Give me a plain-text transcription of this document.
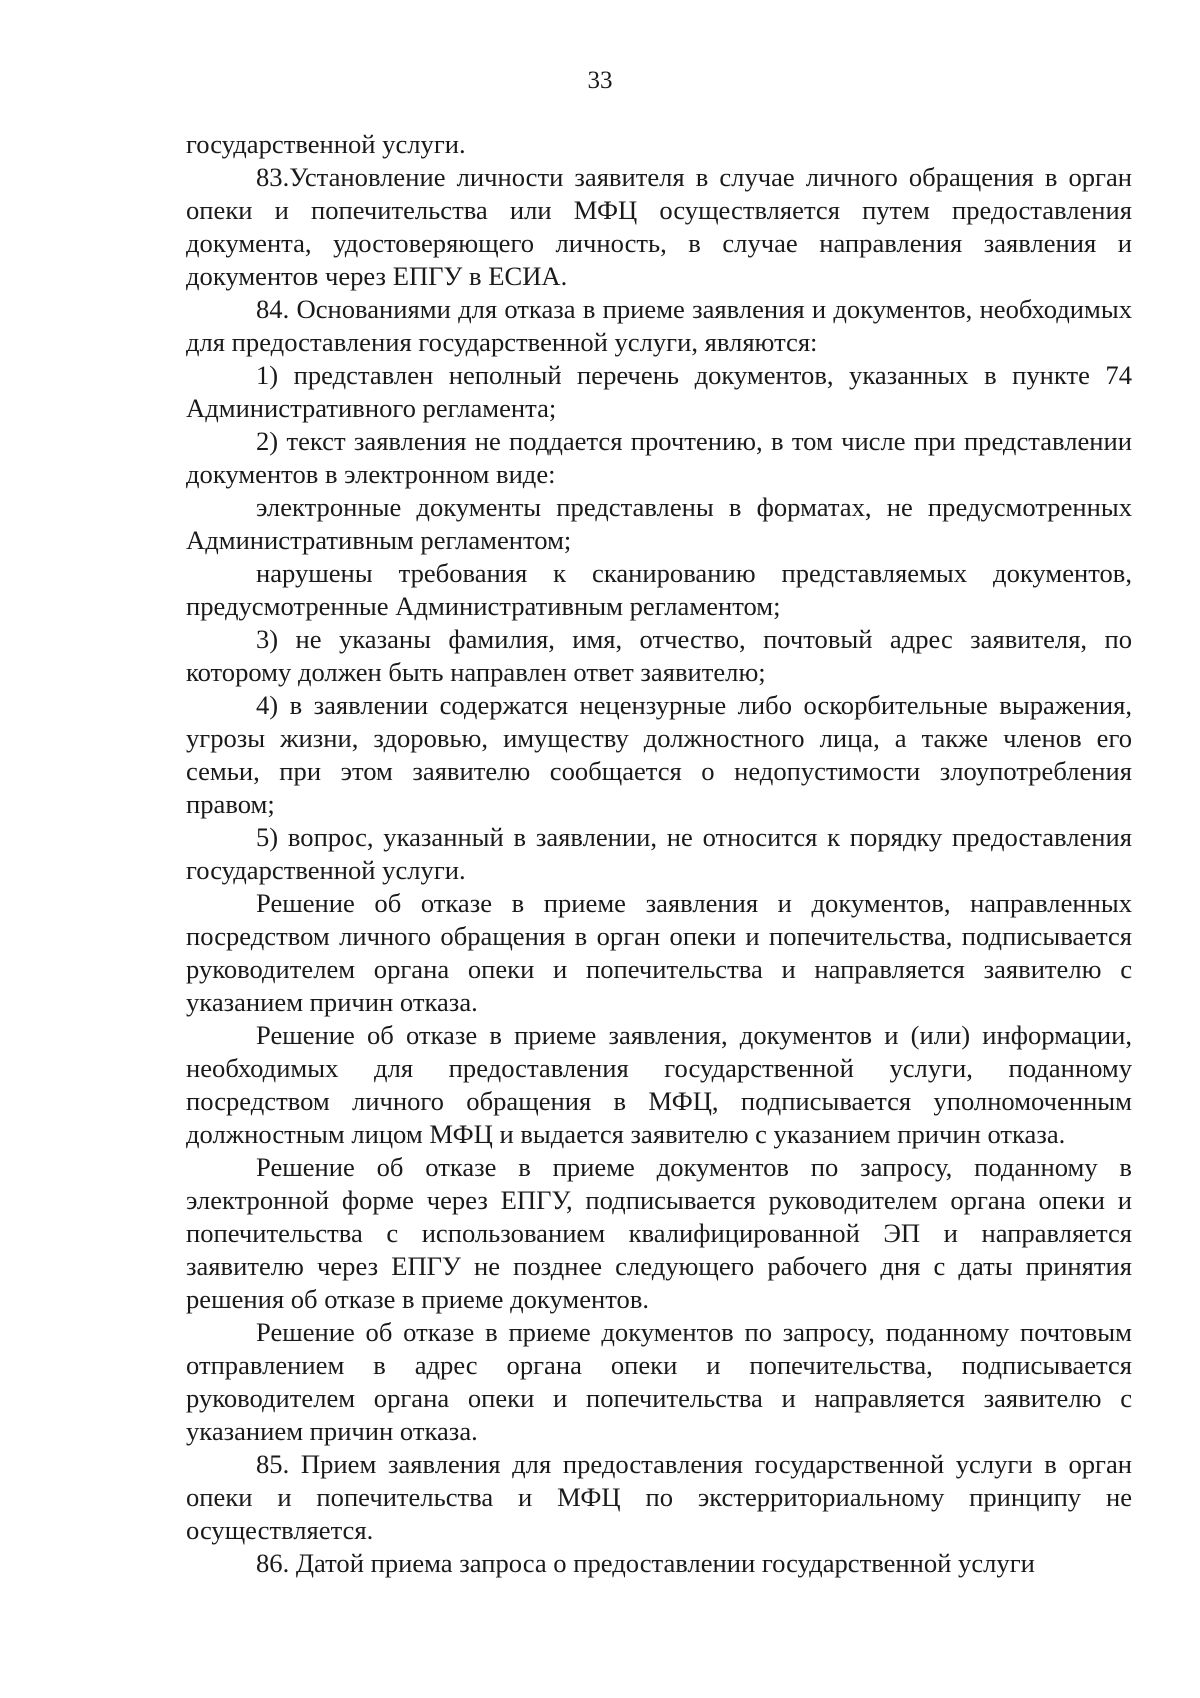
33

государственной услуги.

83.Установление личности заявителя в случае личного обращения в орган опеки и попечительства или МФЦ осуществляется путем предоставления документа, удостоверяющего личность, в случае направления заявления и документов через ЕПГУ в ЕСИА.

84. Основаниями для отказа в приеме заявления и документов, необходимых для предоставления государственной услуги, являются:

1) представлен неполный перечень документов, указанных в пункте 74 Административного регламента;

2) текст заявления не поддается прочтению, в том числе при представлении документов в электронном виде:

электронные документы представлены в форматах, не предусмотренных Административным регламентом;

нарушены требования к сканированию представляемых документов, предусмотренные Административным регламентом;

3) не указаны фамилия, имя, отчество, почтовый адрес заявителя, по которому должен быть направлен ответ заявителю;

4) в заявлении содержатся нецензурные либо оскорбительные выражения, угрозы жизни, здоровью, имуществу должностного лица, а также членов его семьи, при этом заявителю сообщается о недопустимости злоупотребления правом;

5) вопрос, указанный в заявлении, не относится к порядку предоставления государственной услуги.

Решение об отказе в приеме заявления и документов, направленных посредством личного обращения в орган опеки и попечительства, подписывается руководителем органа опеки и попечительства и направляется заявителю с указанием причин отказа.

Решение об отказе в приеме заявления, документов и (или) информации, необходимых для предоставления государственной услуги, поданному посредством личного обращения в МФЦ, подписывается уполномоченным должностным лицом МФЦ и выдается заявителю с указанием причин отказа.

Решение об отказе в приеме документов по запросу, поданному в электронной форме через ЕПГУ, подписывается руководителем органа опеки и попечительства с использованием квалифицированной ЭП и направляется заявителю через ЕПГУ не позднее следующего рабочего дня с даты принятия решения об отказе в приеме документов.

Решение об отказе в приеме документов по запросу, поданному почтовым отправлением в адрес органа опеки и попечительства, подписывается руководителем органа опеки и попечительства и направляется заявителю с указанием причин отказа.

85. Прием заявления для предоставления государственной услуги в орган опеки и попечительства и МФЦ по экстерриториальному принципу не осуществляется.

86. Датой приема запроса о предоставлении государственной услуги
